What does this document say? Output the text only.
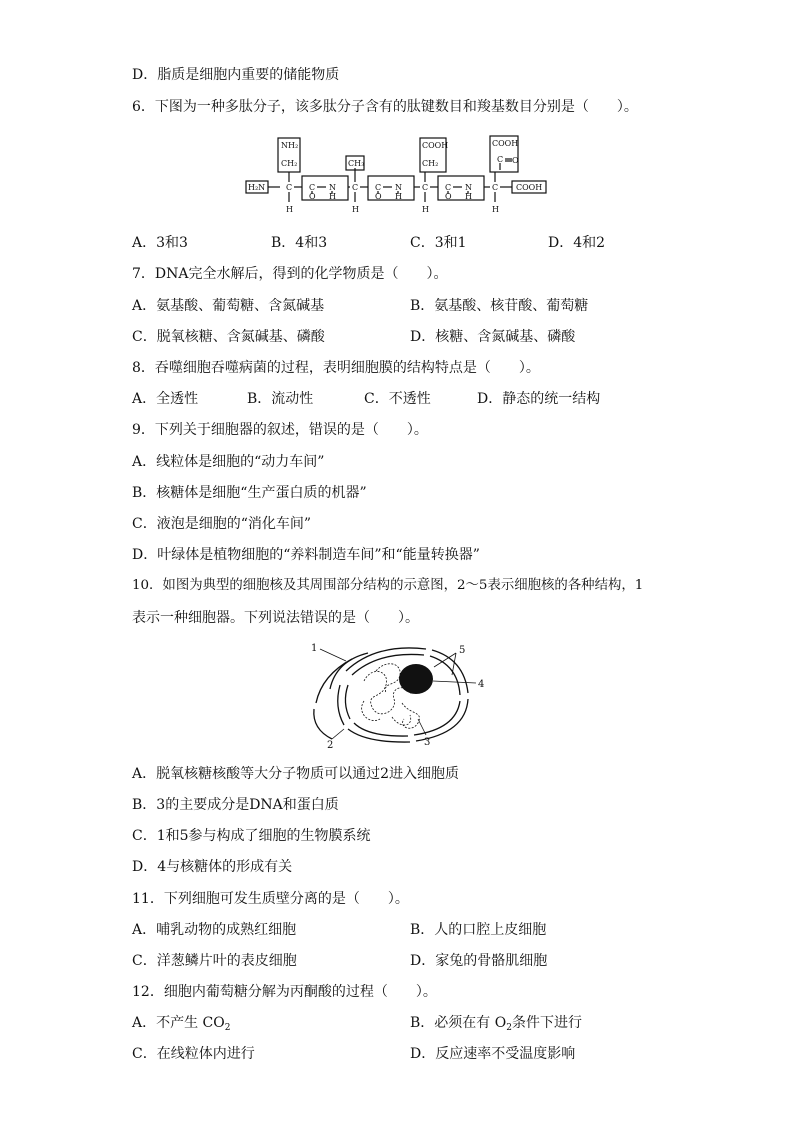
D．脂质是细胞内重要的储能物质
6．下图为一种多肽分子，该多肽分子含有的肽键数目和羧基数目分别是（　　）。
H₂N	COOH
NH₂
CH₂	CH₃
COOH
CH₂
COOH
C O
C	C	C	C
H	H	H	H
C N
O H
C N
O H
C N
O H
A．3和3	B．4和3	C．3和1	D．4和2
7．DNA完全水解后，得到的化学物质是（　　）。
A．氨基酸、葡萄糖、含氮碱基	B．氨基酸、核苷酸、葡萄糖
C．脱氧核糖、含氮碱基、磷酸	D．核糖、含氮碱基、磷酸
8．吞噬细胞吞噬病菌的过程，表明细胞膜的结构特点是（　　）。
A．全透性	B．流动性	C．不透性	D．静态的统一结构
9．下列关于细胞器的叙述，错误的是（　　）。
A．线粒体是细胞的“动力车间”
B．核糖体是细胞“生产蛋白质的机器”
C．液泡是细胞的“消化车间”
D．叶绿体是植物细胞的“养料制造车间”和“能量转换器”
10．如图为典型的细胞核及其周围部分结构的示意图，2～5表示细胞核的各种结构，1
表示一种细胞器。下列说法错误的是（　　）。
1	5
4
2	3
A．脱氧核糖核酸等大分子物质可以通过2进入细胞质
B．3的主要成分是DNA和蛋白质
C．1和5参与构成了细胞的生物膜系统
D．4与核糖体的形成有关
11．下列细胞可发生质壁分离的是（　　）。
A．哺乳动物的成熟红细胞	B．人的口腔上皮细胞
C．洋葱鳞片叶的表皮细胞	D．家兔的骨骼肌细胞
12．细胞内葡萄糖分解为丙酮酸的过程（　　）。
A．不产生 $CO_2$	B．必须在有 $O_2$条件下进行
C．在线粒体内进行	D．反应速率不受温度影响
